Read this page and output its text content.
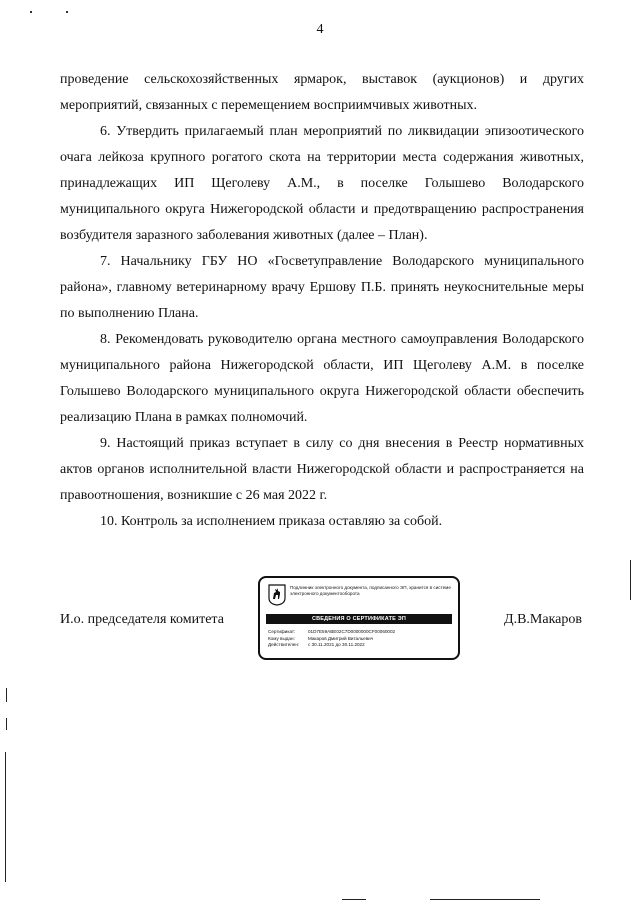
4

проведение сельскохозяйственных ярмарок, выставок (аукционов) и других мероприятий, связанных с перемещением восприимчивых животных.

6. Утвердить прилагаемый план мероприятий по ликвидации эпизоотического очага лейкоза крупного рогатого скота на территории места содержания животных, принадлежащих ИП Щеголеву А.М., в поселке Голышево Володарского муниципального округа Нижегородской области и предотвращению распространения возбудителя заразного заболевания животных (далее – План).

7. Начальнику ГБУ НО «Госветуправление Володарского муниципального района», главному ветеринарному врачу Ершову П.Б. принять неукоснительные меры по выполнению Плана.

8. Рекомендовать руководителю органа местного самоуправления Володарского муниципального района Нижегородской области, ИП Щеголеву А.М. в поселке Голышево Володарского муниципального округа Нижегородской области обеспечить реализацию Плана в рамках полномочий.

9. Настоящий приказ вступает в силу со дня внесения в Реестр нормативных актов органов исполнительной власти Нижегородской области и распространяется на правоотношения, возникшие с 26 мая 2022 г.

10. Контроль за исполнением приказа оставляю за собой.

И.о. председателя комитета	Д.В.Макаров
Подлинник электронного документа, подписанного ЭП, хранится в системе электронного документооборота
СВЕДЕНИЯ О СЕРТИФИКАТЕ ЭП
Сертификат:	01D7E59ABE02C7D0000000CF00060002
Кому выдан:	Макаров Дмитрий Витальевич
Действителен: с 30.11.2021 до 30.11.2022
